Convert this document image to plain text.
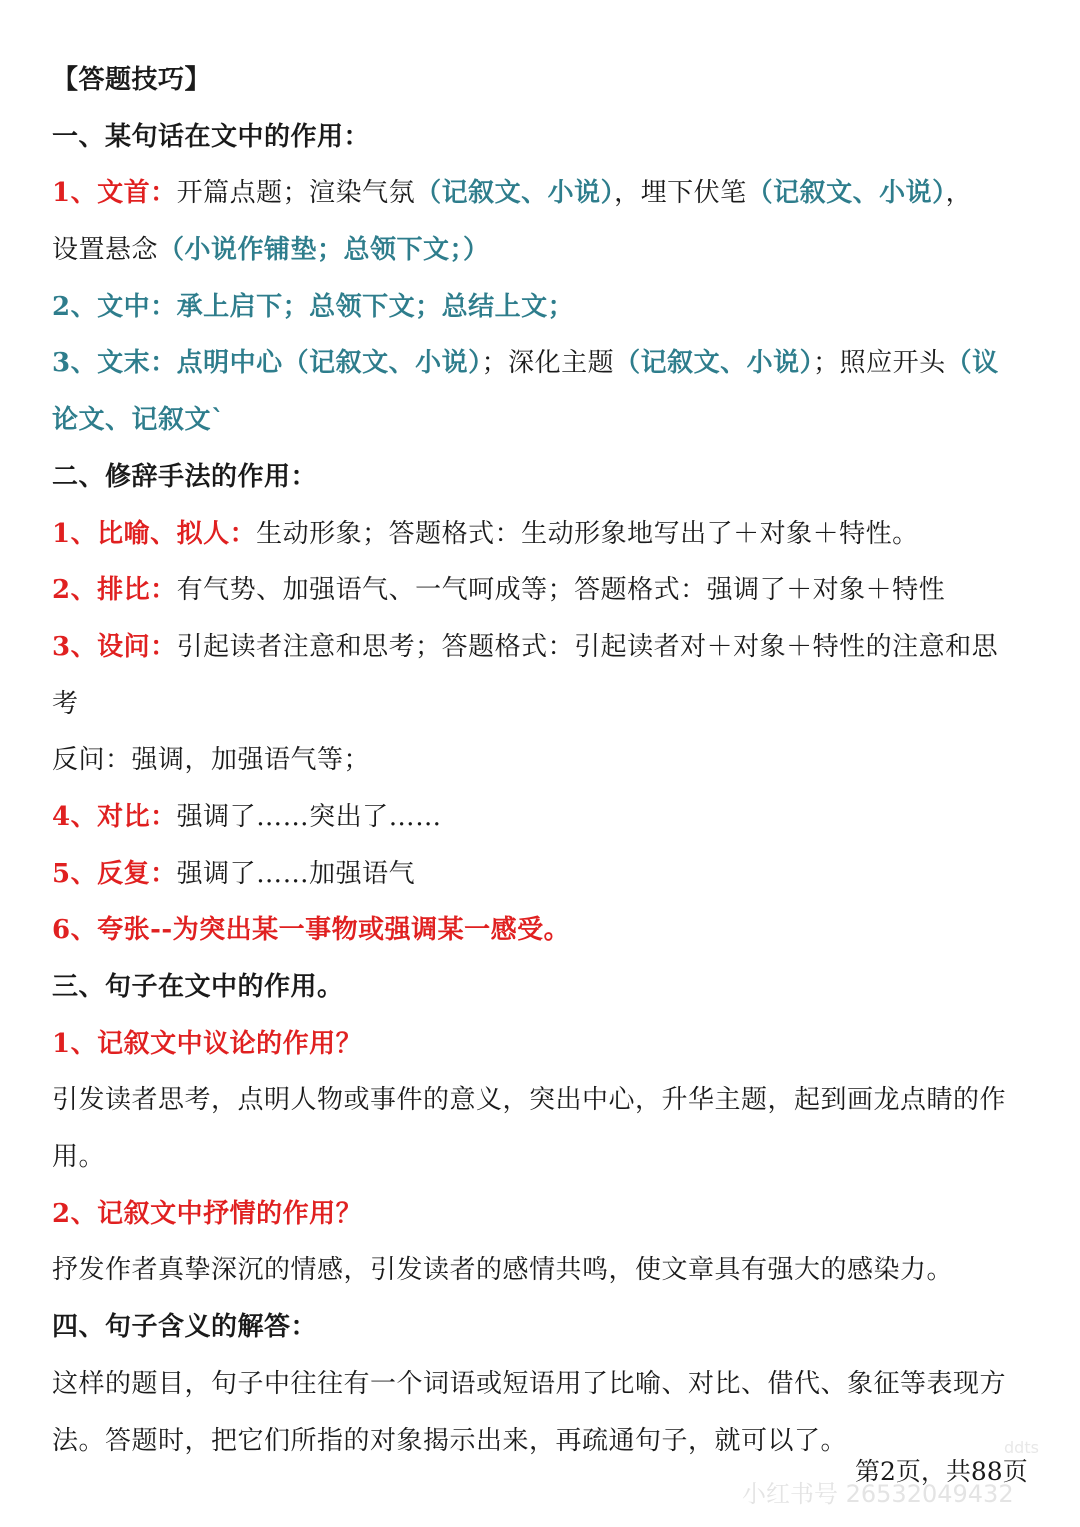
【答题技巧】
一、某句话在文中的作用：
1、文首：开篇点题；渲染气氛（记叙文、小说），埋下伏笔（记叙文、小说），
设置悬念（小说作铺垫；总领下文；）
2、文中：承上启下；总领下文；总结上文；
3、文末：点明中心（记叙文、小说）；深化主题（记叙文、小说）；照应开头（议
论文、记叙文`
二、修辞手法的作用：
1、比喻、拟人：生动形象；答题格式：生动形象地写出了＋对象＋特性。
2、排比：有气势、加强语气、一气呵成等；答题格式：强调了＋对象＋特性
3、设问：引起读者注意和思考；答题格式：引起读者对＋对象＋特性的注意和思
考
反问：强调，加强语气等；
4、对比：强调了……突出了……
5、反复：强调了……加强语气
6、夸张--为突出某一事物或强调某一感受。
三、句子在文中的作用。
1、记叙文中议论的作用？
引发读者思考，点明人物或事件的意义，突出中心，升华主题，起到画龙点睛的作
用。
2、记叙文中抒情的作用？
抒发作者真挚深沉的情感，引发读者的感情共鸣，使文章具有强大的感染力。
四、句子含义的解答：
这样的题目，句子中往往有一个词语或短语用了比喻、对比、借代、象征等表现方
法。答题时，把它们所指的对象揭示出来，再疏通句子，就可以了。	ddts
第2页，共88页
小红书号 26532049432
